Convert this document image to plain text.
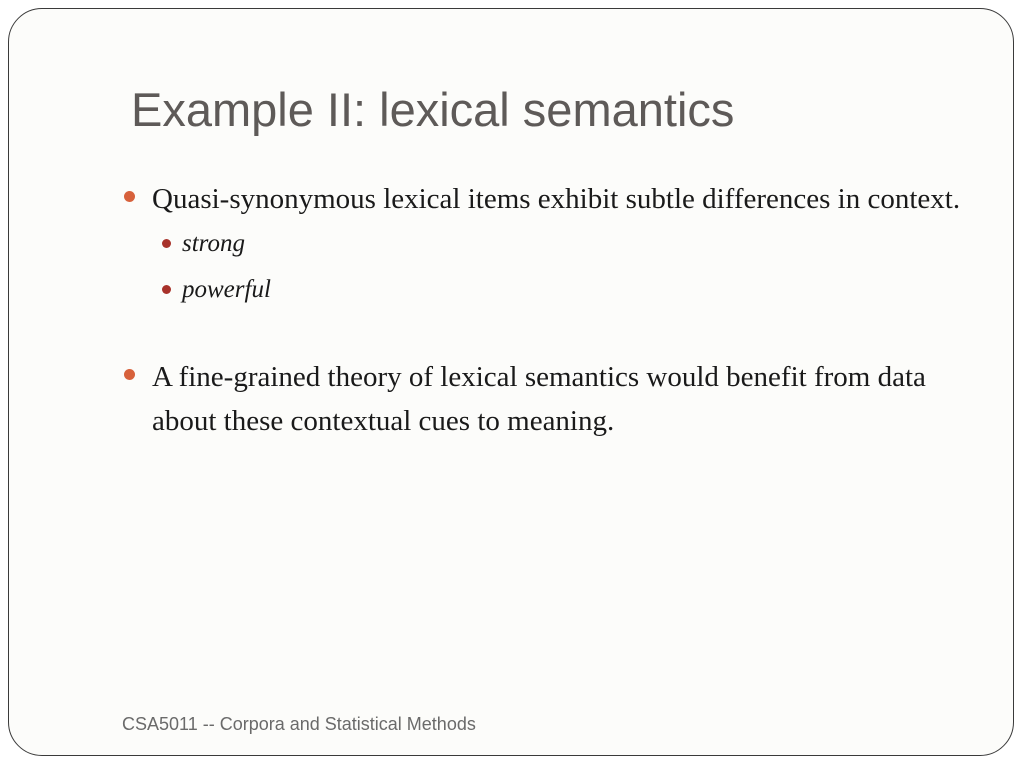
Example II: lexical semantics
Quasi-synonymous lexical items exhibit subtle differences in context.
strong
powerful
A fine-grained theory of lexical semantics would benefit from data about these contextual cues to meaning.
CSA5011 -- Corpora and Statistical Methods
